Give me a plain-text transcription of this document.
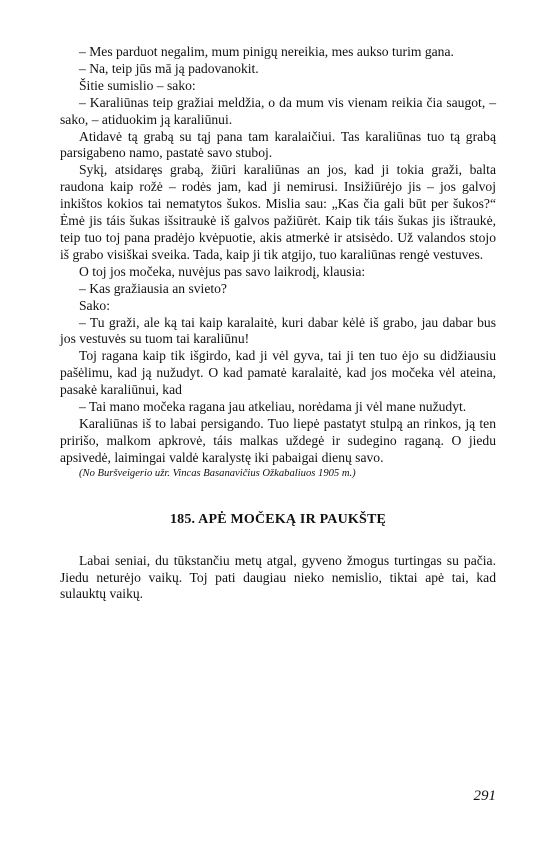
– Mes parduot negalim, mum pinigų nereikia, mes aukso turim gana.

– Na, teip jūs mā ją padovanokit.

Šitie sumislio – sako:

– Karaliūnas teip gražiai meldžia, o da mum vis vienam reikia čia saugot, – sako, – atiduokim ją karaliūnui.

Atidavė tą grabą su tąj pana tam karalaičiui. Tas karaliūnas tuo tą grabą parsigabeno namo, pastatė savo stuboj.

Sykį, atsidaręs grabą, žiūri karaliūnas an jos, kad ji tokia graži, balta raudona kaip rožė – rodės jam, kad ji nemirusi. Insižiūrėjo jis – jos galvoj inkištos kokios tai nematytos šukos. Mislia sau: „Kas čia gali būt per šukos?“ Ėmė jis táis šukas išsitraukė iš galvos pažiūrėt. Kaip tik táis šukas jis ištraukė, teip tuo toj pana pradėjo kvėpuotie, akis atmerkė ir atsisėdo. Už valandos stojo iš grabo visiškai sveika. Tada, kaip ji tik atgijo, tuo karaliūnas rengė vestuves.

O toj jos močeka, nuvėjus pas savo laikrodį, klausia:

– Kas gražiausia an svieto?

Sako:

– Tu graži, ale ką tai kaip karalaitė, kuri dabar kėlė iš grabo, jau dabar bus jos vestuvės su tuom tai karaliūnu!

Toj ragana kaip tik išgirdo, kad ji vėl gyva, tai ji ten tuo ėjo su didžiausiu pašėlimu, kad ją nužudyt. O kad pamatė karalaitė, kad jos močeka vėl ateina, pasakė karaliūnui, kad

– Tai mano močeka ragana jau atkeliau, norėdama ji vėl mane nužudyt.

Karaliūnas iš to labai persigando. Tuo liepė pastatyt stulpą an rinkos, ją ten pririšo, malkom apkrovė, táis malkas uždegė ir sudegino raganą. O jiedu apsivedė, laimingai valdė karalystę iki pabaigai dienų savo.

(No Buršveigerio užr. Vincas Basanavičius Ožkabaliuos 1905 m.)

185. APĖ MOČEKĄ IR PAUKŠTĘ

Labai seniai, du tūkstančiu metų atgal, gyveno žmogus turtingas su pačia. Jiedu neturėjo vaikų. Toj pati daugiau nieko nemislio, tiktai apė tai, kad sulauktų vaikų.

291
